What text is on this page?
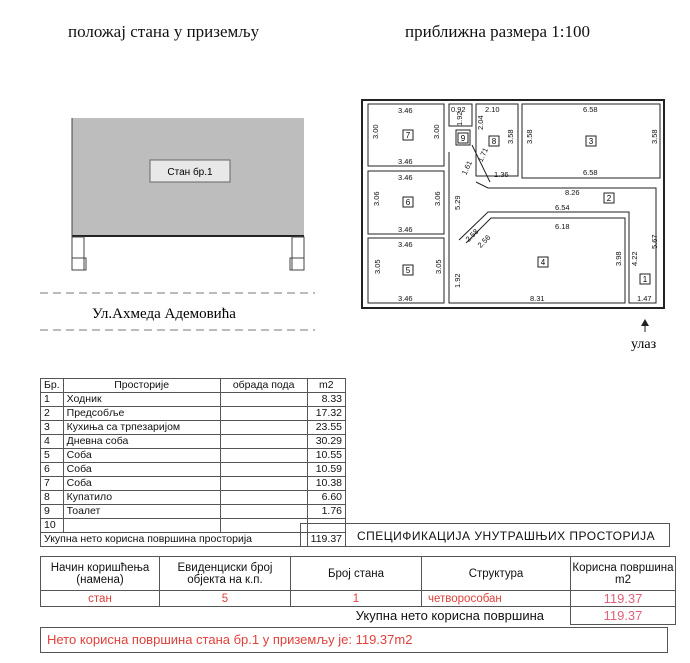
положај стана у приземљу	приближна размера 1:100
Стан бр.1
Ул.Ахмеда Адемовића
3.46
3.00	3.00
3.46
0.92
1.92 2.04
2.10
3.58
6.58
3.58	3.58
6.58
1.71
1.61	1.36
3.46
3.06	3.06
3.46
8.26
5.29	6.54
6.18
2.58
2.56
3.46
3.05	3.05
3.46
1.92
3.98 4.22
5.67
8.31	1.47
1
2
3
4
5
6
7
8
9
улаз
Бр.	Просторије	обрада пода	m2
1	Ходник		8.33
2	Предсобље		17.32
3	Кухиња са трпезаријом		23.55
4	Дневна соба		30.29
5	Соба		10.55
6	Соба		10.59
7	Соба		10.38
8	Купатило		6.60
9	Тоалет		1.76
10			
Укупна нето корисна површина просторија			119.37	СПЕЦИФИКАЦИЈА УНУТРАШЊИХ ПРОСТОРИЈА
Начин коришћења (намена)	Евиденциски број објекта на к.п.	Број стана	Структура	Корисна површина m2
стан	5	1	четворособан	119.37
Укупна нето корисна површина				119.37
Нето корисна површина стана бр.1 у приземљу је: 119.37m2
